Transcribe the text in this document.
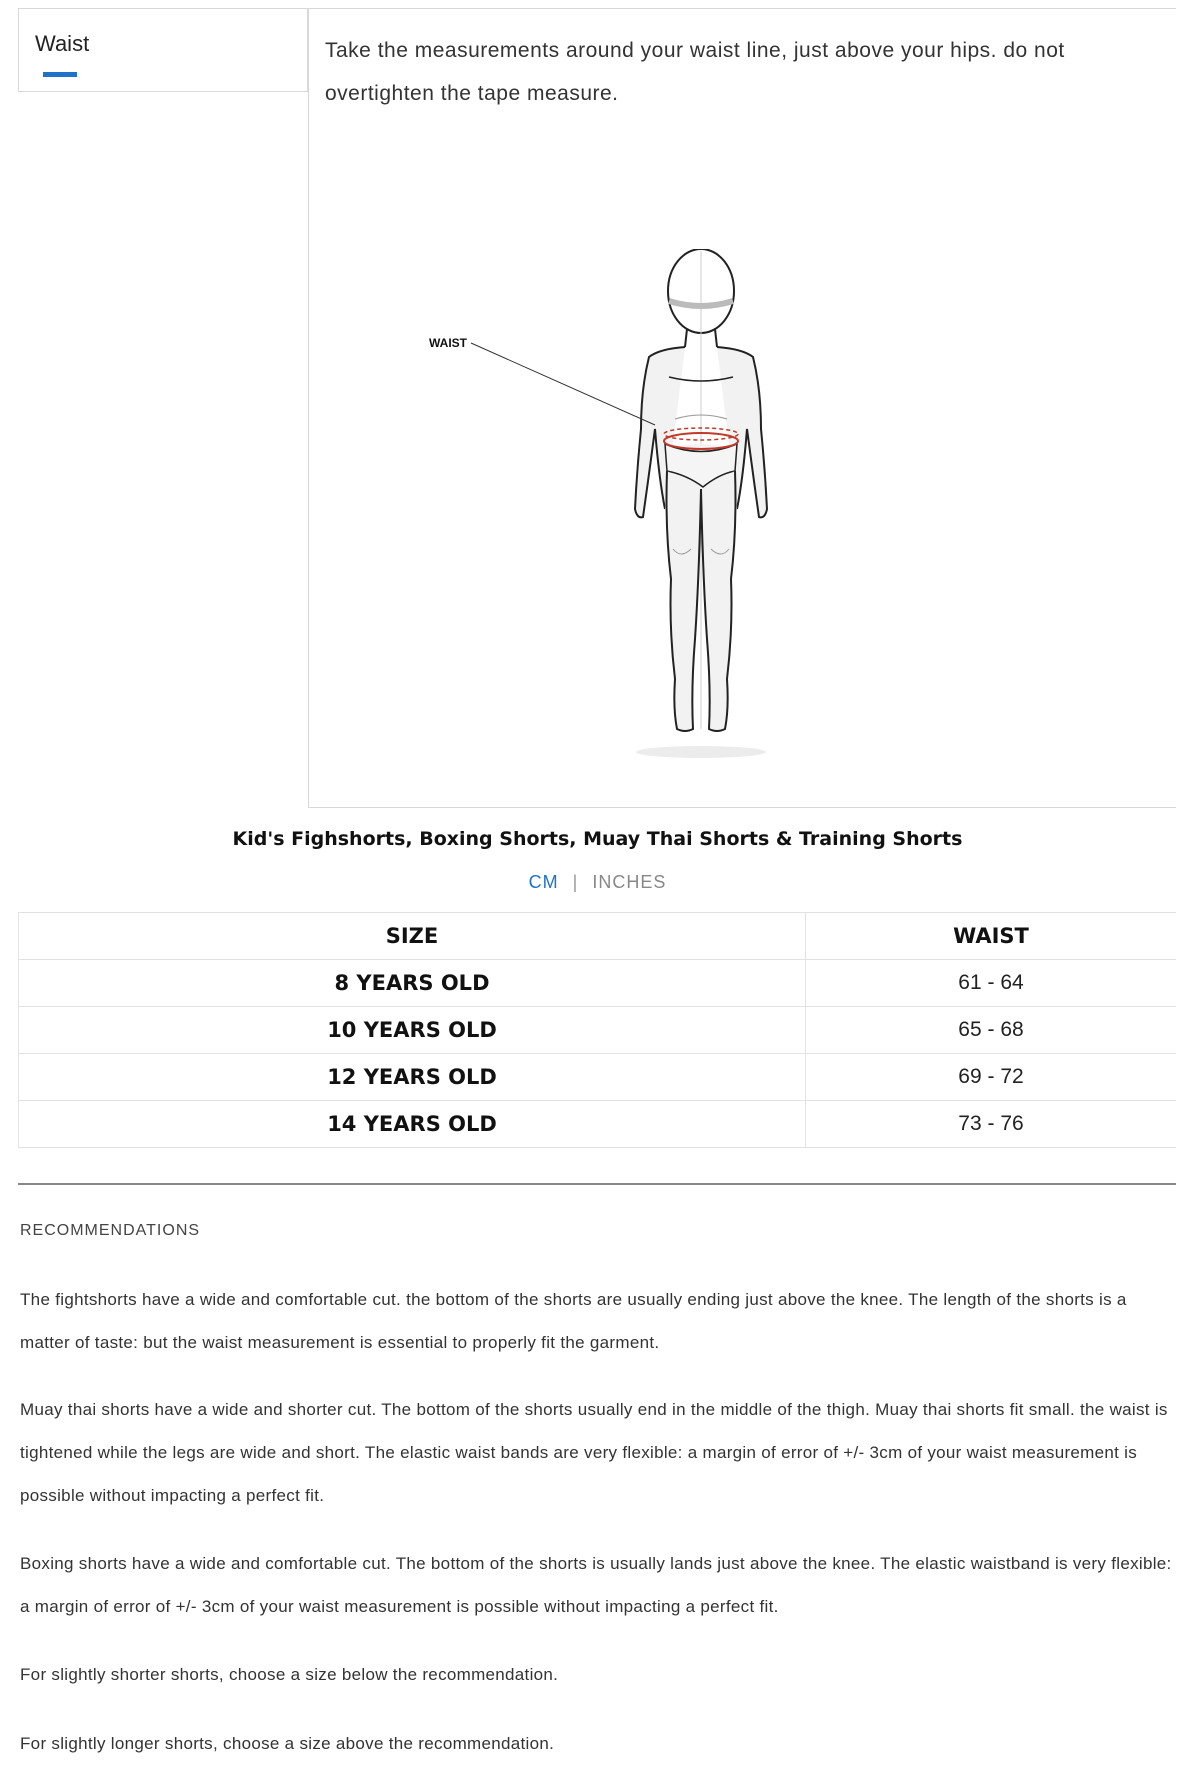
Waist	Take the measurements around your waist line, just above your hips. do not overtighten the tape measure.

WAIST
Kid's Fighshorts, Boxing Shorts, Muay Thai Shorts & Training Shorts
CM | INCHES
SIZE	WAIST
8 YEARS OLD	61 - 64
10 YEARS OLD	65 - 68
12 YEARS OLD	69 - 72
14 YEARS OLD	73 - 76
RECOMMENDATIONS

The fightshorts have a wide and comfortable cut. the bottom of the shorts are usually ending just above the knee. The length of the shorts is a matter of taste: but the waist measurement is essential to properly fit the garment.

Muay thai shorts have a wide and shorter cut. The bottom of the shorts usually end in the middle of the thigh. Muay thai shorts fit small. the waist is tightened while the legs are wide and short. The elastic waist bands are very flexible: a margin of error of +/- 3cm of your waist measurement is possible without impacting a perfect fit.

Boxing shorts have a wide and comfortable cut. The bottom of the shorts is usually lands just above the knee. The elastic waistband is very flexible: a margin of error of +/- 3cm of your waist measurement is possible without impacting a perfect fit.

For slightly shorter shorts, choose a size below the recommendation.

For slightly longer shorts, choose a size above the recommendation.
